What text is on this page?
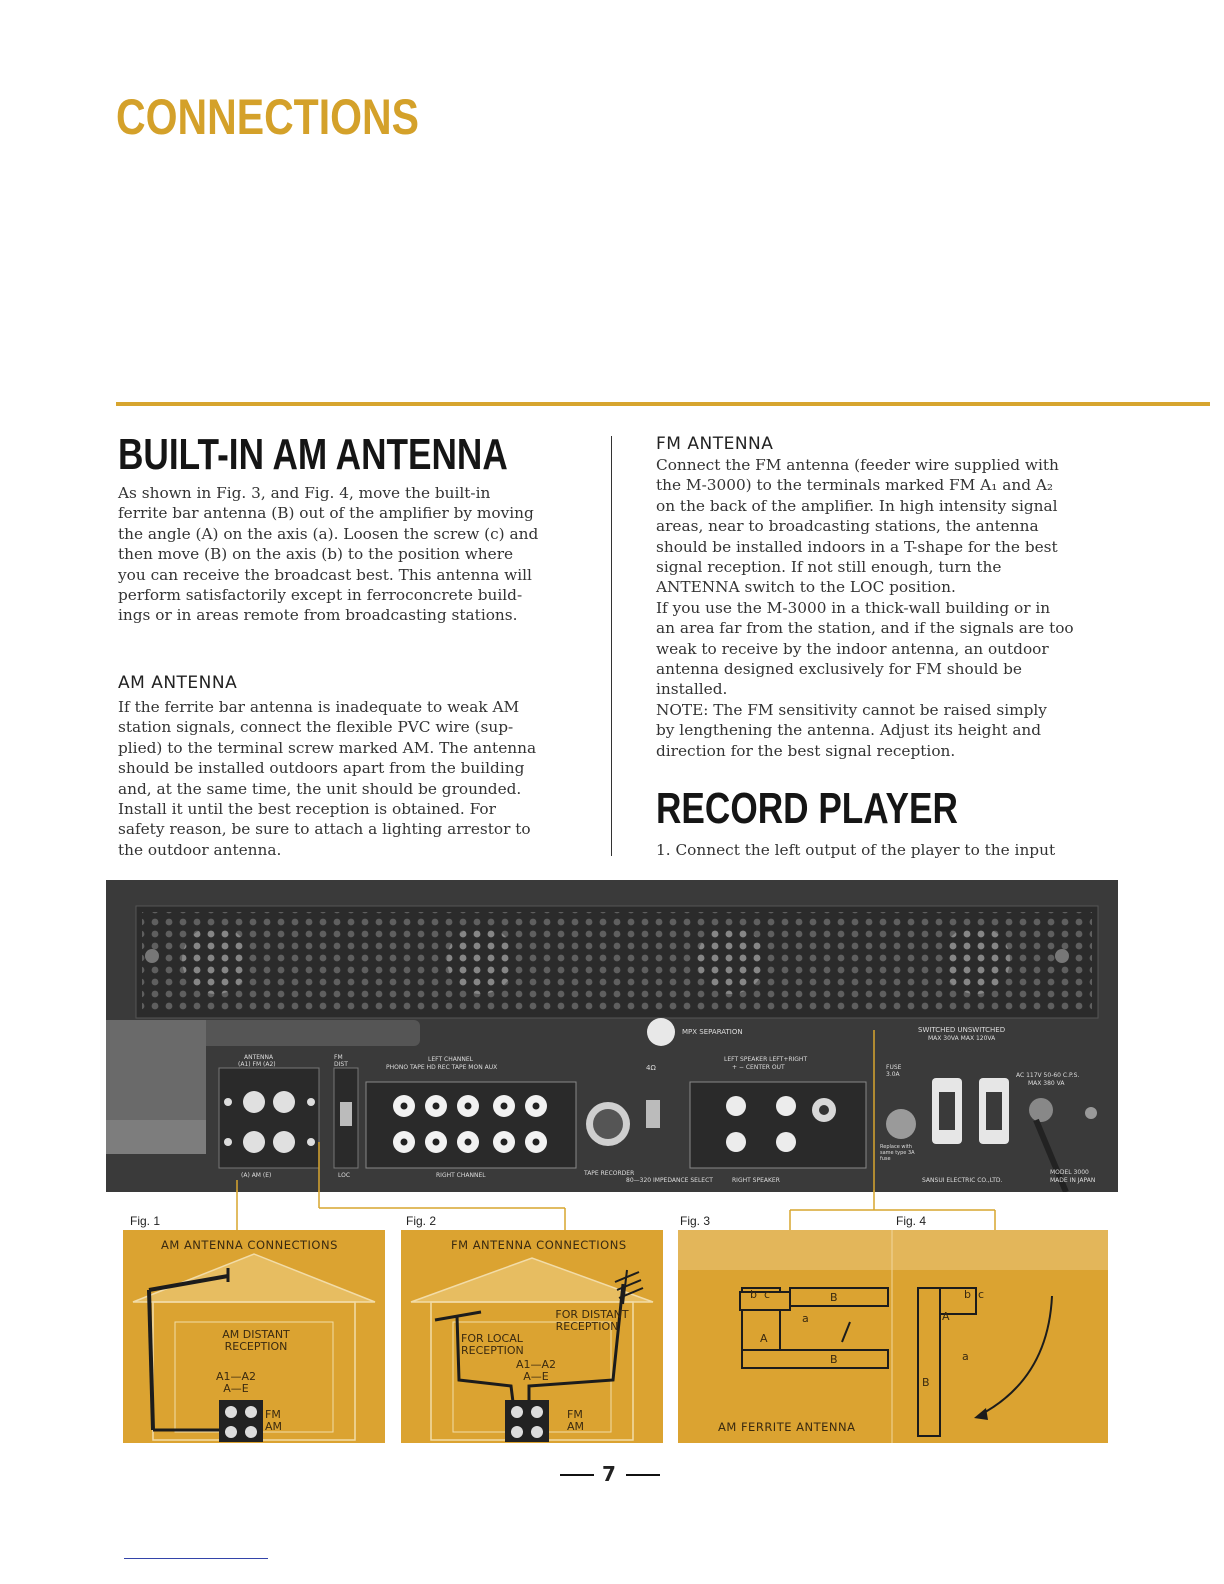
CONNECTIONS
BUILT-IN AM ANTENNA

As shown in Fig. 3, and Fig. 4, move the built-in

ferrite bar antenna (B) out of the amplifier by moving

the angle (A) on the axis (a). Loosen the screw (c) and

then move (B) on the axis (b) to the position where

you can receive the broadcast best. This antenna will

perform satisfactorily except in ferroconcrete build-

ings or in areas remote from broadcasting stations.

AM ANTENNA

If the ferrite bar antenna is inadequate to weak AM

station signals, connect the flexible PVC wire (sup-

plied) to the terminal screw marked AM. The antenna

should be installed outdoors apart from the building

and, at the same time, the unit should be grounded.

Install it until the best reception is obtained. For

safety reason, be sure to attach a lighting arrestor to

the outdoor antenna.

FM ANTENNA

Connect the FM antenna (feeder wire supplied with

the M-3000) to the terminals marked FM A₁ and A₂

on the back of the amplifier. In high intensity signal

areas, near to broadcasting stations, the antenna

should be installed indoors in a T-shape for the best

signal reception. If not still enough, turn the

ANTENNA switch to the LOC position.

If you use the M-3000 in a thick-wall building or in

an area far from the station, and if the signals are too

weak to receive by the indoor antenna, an outdoor

antenna designed exclusively for FM should be

installed.

NOTE: The FM sensitivity cannot be raised simply

by lengthening the antenna. Adjust its height and

direction for the best signal reception.

RECORD PLAYER
1. Connect the left output of the player to the input
MPX SEPARATION	SWITCHED UNSWITCHED
MAX 30VA MAX 120VA
ANTENNA
(A1) FM (A2)
FM DIST
LEFT CHANNEL
PHONO TAPE HD REC TAPE MON AUX
LEFT SPEAKER LEFT+RIGHT
+ − CENTER OUT
4Ω	FUSE 3.0A	AC 117V 50-60 C.P.S.
MAX 380 VA
(A) AM (E)	LOC	RIGHT CHANNEL	TAPE RECORDER
80—320 IMPEDANCE SELECT	RIGHT SPEAKER
Replace with same type 3A fuse
SANSUI ELECTRIC CO.,LTD.
MODEL 3000
MADE IN JAPAN
Fig. 1	Fig. 2	Fig. 3	Fig. 4
AM ANTENNA CONNECTIONS
AM DISTANT
RECEPTION
A1—A2
A—E
FM
AM
FM ANTENNA CONNECTIONS
FOR DISTANT
RECEPTION
FOR LOCAL
RECEPTION
A1—A2
A—E
FM
AM
b c	B
a
A
B
AM FERRITE ANTENNA
b c
A
a
B
7
